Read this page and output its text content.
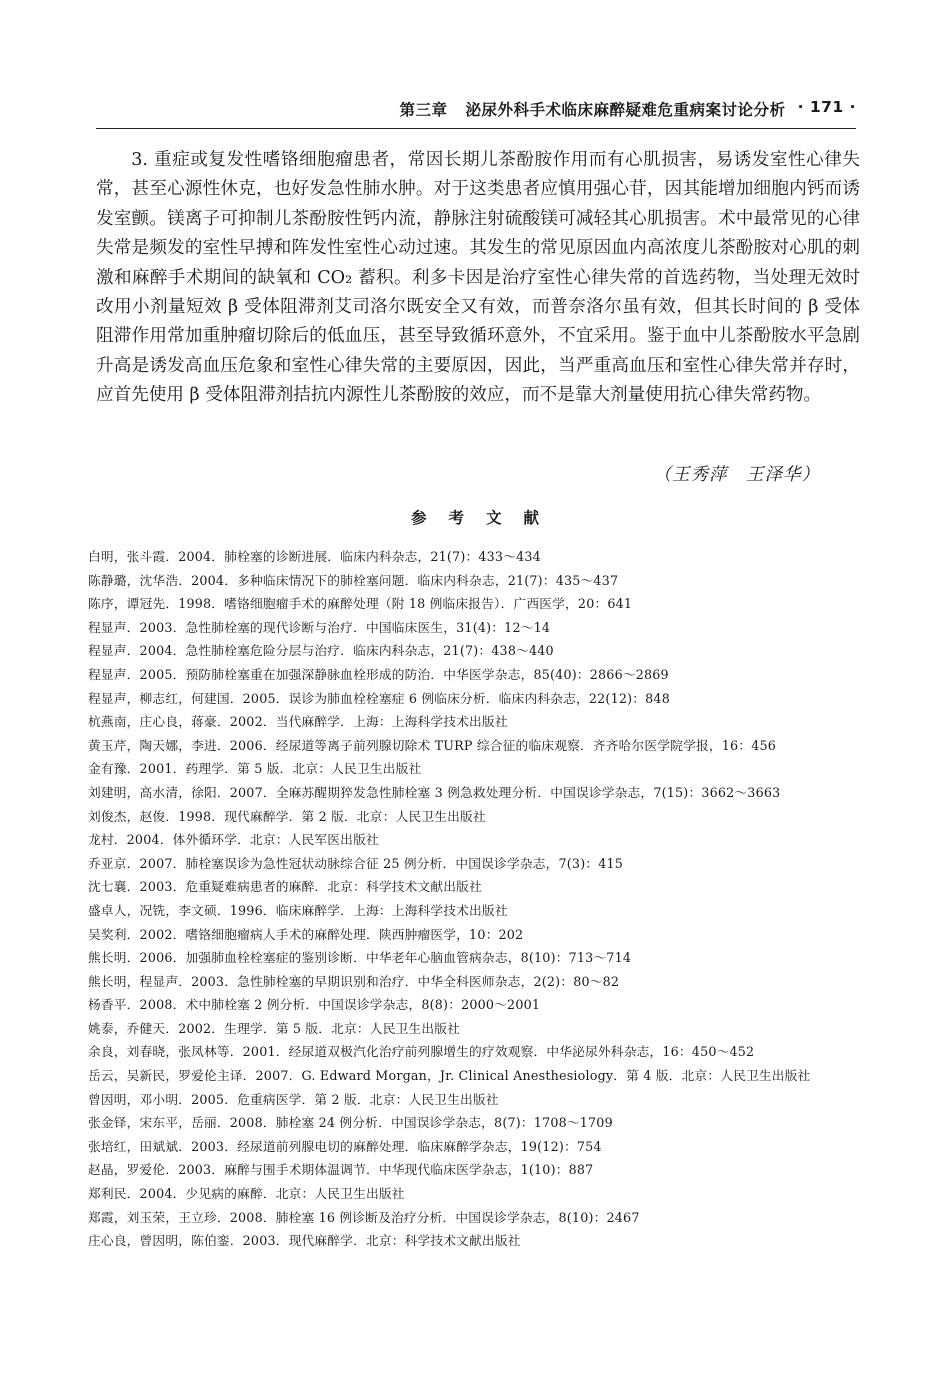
第三章 泌尿外科手术临床麻醉疑难危重病案讨论分析 · 171 ·

3. 重症或复发性嗜铬细胞瘤患者，常因长期儿茶酚胺作用而有心肌损害，易诱发室性心律失常，甚至心源性休克，也好发急性肺水肿。对于这类患者应慎用强心苷，因其能增加细胞内钙而诱发室颤。镁离子可抑制儿茶酚胺性钙内流，静脉注射硫酸镁可减轻其心肌损害。术中最常见的心律失常是频发的室性早搏和阵发性室性心动过速。其发生的常见原因血内高浓度儿茶酚胺对心肌的刺激和麻醉手术期间的缺氧和 CO₂ 蓄积。利多卡因是治疗室性心律失常的首选药物，当处理无效时改用小剂量短效 β 受体阻滞剂艾司洛尔既安全又有效，而普奈洛尔虽有效，但其长时间的 β 受体阻滞作用常加重肿瘤切除后的低血压，甚至导致循环意外，不宜采用。鉴于血中儿茶酚胺水平急剧升高是诱发高血压危象和室性心律失常的主要原因，因此，当严重高血压和室性心律失常并存时，应首先使用 β 受体阻滞剂拮抗内源性儿茶酚胺的效应，而不是靠大剂量使用抗心律失常药物。

（王秀萍　王泽华）
参考文献
白明，张斗霞．2004．肺栓塞的诊断进展．临床内科杂志，21(7)：433～434
陈静璐，沈华浩．2004．多种临床情况下的肺栓塞问题．临床内科杂志，21(7)：435～437
陈序，谭冠先．1998．嗜铬细胞瘤手术的麻醉处理（附 18 例临床报告）．广西医学，20：641
程显声．2003．急性肺栓塞的现代诊断与治疗．中国临床医生，31(4)：12～14
程显声．2004．急性肺栓塞危险分层与治疗．临床内科杂志，21(7)：438～440
程显声．2005．预防肺栓塞重在加强深静脉血栓形成的防治．中华医学杂志，85(40)：2866～2869
程显声，柳志红，何建国．2005．误诊为肺血栓栓塞症 6 例临床分析．临床内科杂志，22(12)：848
杭燕南，庄心良，蒋豪．2002．当代麻醉学．上海：上海科学技术出版社
黄玉芹，陶天娜，李进．2006．经尿道等离子前列腺切除术 TURP 综合征的临床观察．齐齐哈尔医学院学报，16：456
金有豫．2001．药理学．第 5 版．北京：人民卫生出版社
刘建明，高水清，徐阳．2007．全麻苏醒期猝发急性肺栓塞 3 例急救处理分析．中国误诊学杂志，7(15)：3662～3663
刘俊杰，赵俊．1998．现代麻醉学．第 2 版．北京：人民卫生出版社
龙村．2004．体外循环学．北京：人民军医出版社
乔亚京．2007．肺栓塞误诊为急性冠状动脉综合征 25 例分析．中国误诊学杂志，7(3)：415
沈七襄．2003．危重疑难病患者的麻醉．北京：科学技术文献出版社
盛卓人，况铣，李文硕．1996．临床麻醉学．上海：上海科学技术出版社
吴奖利．2002．嗜铬细胞瘤病人手术的麻醉处理．陕西肿瘤医学，10：202
熊长明．2006．加强肺血栓栓塞症的鉴别诊断．中华老年心脑血管病杂志，8(10)：713～714
熊长明，程显声．2003．急性肺栓塞的早期识别和治疗．中华全科医师杂志，2(2)：80～82
杨香平．2008．术中肺栓塞 2 例分析．中国误诊学杂志，8(8)：2000～2001
姚泰，乔健天．2002．生理学．第 5 版．北京：人民卫生出版社
余良，刘春晓，张凤林等．2001．经尿道双极汽化治疗前列腺增生的疗效观察．中华泌尿外科杂志，16：450～452
岳云，吴新民，罗爱伦主译．2007．G. Edward Morgan，Jr. Clinical Anesthesiology．第 4 版．北京：人民卫生出版社
曾因明，邓小明．2005．危重病医学．第 2 版．北京：人民卫生出版社
张金铎，宋东平，岳丽．2008．肺栓塞 24 例分析．中国误诊学杂志，8(7)：1708～1709
张培红，田斌斌．2003．经尿道前列腺电切的麻醉处理．临床麻醉学杂志，19(12)：754
赵晶，罗爱伦．2003．麻醉与围手术期体温调节．中华现代临床医学杂志，1(10)：887
郑利民．2004．少见病的麻醉．北京：人民卫生出版社
郑霞，刘玉荣，王立珍．2008．肺栓塞 16 例诊断及治疗分析．中国误诊学杂志，8(10)：2467
庄心良，曾因明，陈伯銮．2003．现代麻醉学．北京：科学技术文献出版社
